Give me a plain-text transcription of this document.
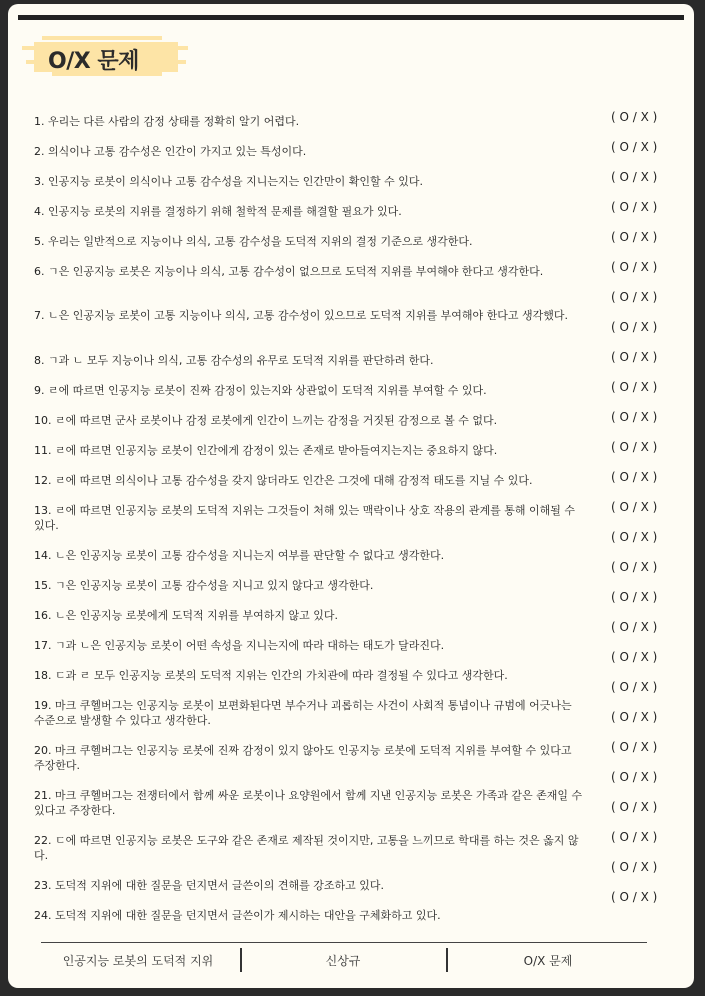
O/X 문제
1. 우리는 다른 사람의 감정 상태를 정확히 알기 어렵다.
2. 의식이나 고통 감수성은 인간이 가지고 있는 특성이다.
3. 인공지능 로봇이 의식이나 고통 감수성을 지니는지는 인간만이 확인할 수 있다.
4. 인공지능 로봇의 지위를 결정하기 위해 철학적 문제를 해결할 필요가 있다.
5. 우리는 일반적으로 지능이나 의식, 고통 감수성을 도덕적 지위의 결정 기준으로 생각한다.
6. ㄱ은 인공지능 로봇은 지능이나 의식, 고통 감수성이 없으므로 도덕적 지위를 부여해야 한다고 생각한다.
7. ㄴ은 인공지능 로봇이 고통 지능이나 의식, 고통 감수성이 있으므로 도덕적 지위를 부여해야 한다고 생각했다.
8. ㄱ과 ㄴ 모두 지능이나 의식, 고통 감수성의 유무로 도덕적 지위를 판단하려 한다.
9. ㄹ에 따르면 인공지능 로봇이 진짜 감정이 있는지와 상관없이 도덕적 지위를 부여할 수 있다.
10. ㄹ에 따르면 군사 로봇이나 감정 로봇에게 인간이 느끼는 감정을 거짓된 감정으로 볼 수 없다.
11. ㄹ에 따르면 인공지능 로봇이 인간에게 감정이 있는 존재로 받아들여지는지는 중요하지 않다.
12. ㄹ에 따르면 의식이나 고통 감수성을 갖지 않더라도 인간은 그것에 대해 감정적 태도를 지닐 수 있다.
13. ㄹ에 따르면 인공지능 로봇의 도덕적 지위는 그것들이 처해 있는 맥락이나 상호 작용의 관계를 통해 이해될 수 있다.
14. ㄴ은 인공지능 로봇이 고통 감수성을 지니는지 여부를 판단할 수 없다고 생각한다.
15. ㄱ은 인공지능 로봇이 고통 감수성을 지니고 있지 않다고 생각한다.
16. ㄴ은 인공지능 로봇에게 도덕적 지위를 부여하지 않고 있다.
17. ㄱ과 ㄴ은 인공지능 로봇이 어떤 속성을 지니는지에 따라 대하는 태도가 달라진다.
18. ㄷ과 ㄹ 모두 인공지능 로봇의 도덕적 지위는 인간의 가치관에 따라 결정될 수 있다고 생각한다.
19. 마크 쿠헬버그는 인공지능 로봇이 보편화된다면 부수거나 괴롭히는 사건이 사회적 통념이나 규범에 어긋나는 수준으로 발생할 수 있다고 생각한다.
20. 마크 쿠헬버그는 인공지능 로봇에 진짜 감정이 있지 않아도 인공지능 로봇에 도덕적 지위를 부여할 수 있다고 주장한다.
21. 마크 쿠헬버그는 전쟁터에서 함께 싸운 로봇이나 요양원에서 함께 지낸 인공지능 로봇은 가족과 같은 존재일 수 있다고 주장한다.
22. ㄷ에 따르면 인공지능 로봇은 도구와 같은 존재로 제작된 것이지만, 고통을 느끼므로 학대를 하는 것은 옳지 않다.
23. 도덕적 지위에 대한 질문을 던지면서 글쓴이의 견해를 강조하고 있다.
24. 도덕적 지위에 대한 질문을 던지면서 글쓴이가 제시하는 대안을 구체화하고 있다.
( O / X )
( O / X )
( O / X )
( O / X )
( O / X )
( O / X )
( O / X )
( O / X )
( O / X )
( O / X )
( O / X )
( O / X )
( O / X )
( O / X )
( O / X )
( O / X )
( O / X )
( O / X )
( O / X )
( O / X )
( O / X )
( O / X )
( O / X )
( O / X )
( O / X )
( O / X )
( O / X )
인공지능 로봇의 도덕적 지위	신상규	O/X 문제
